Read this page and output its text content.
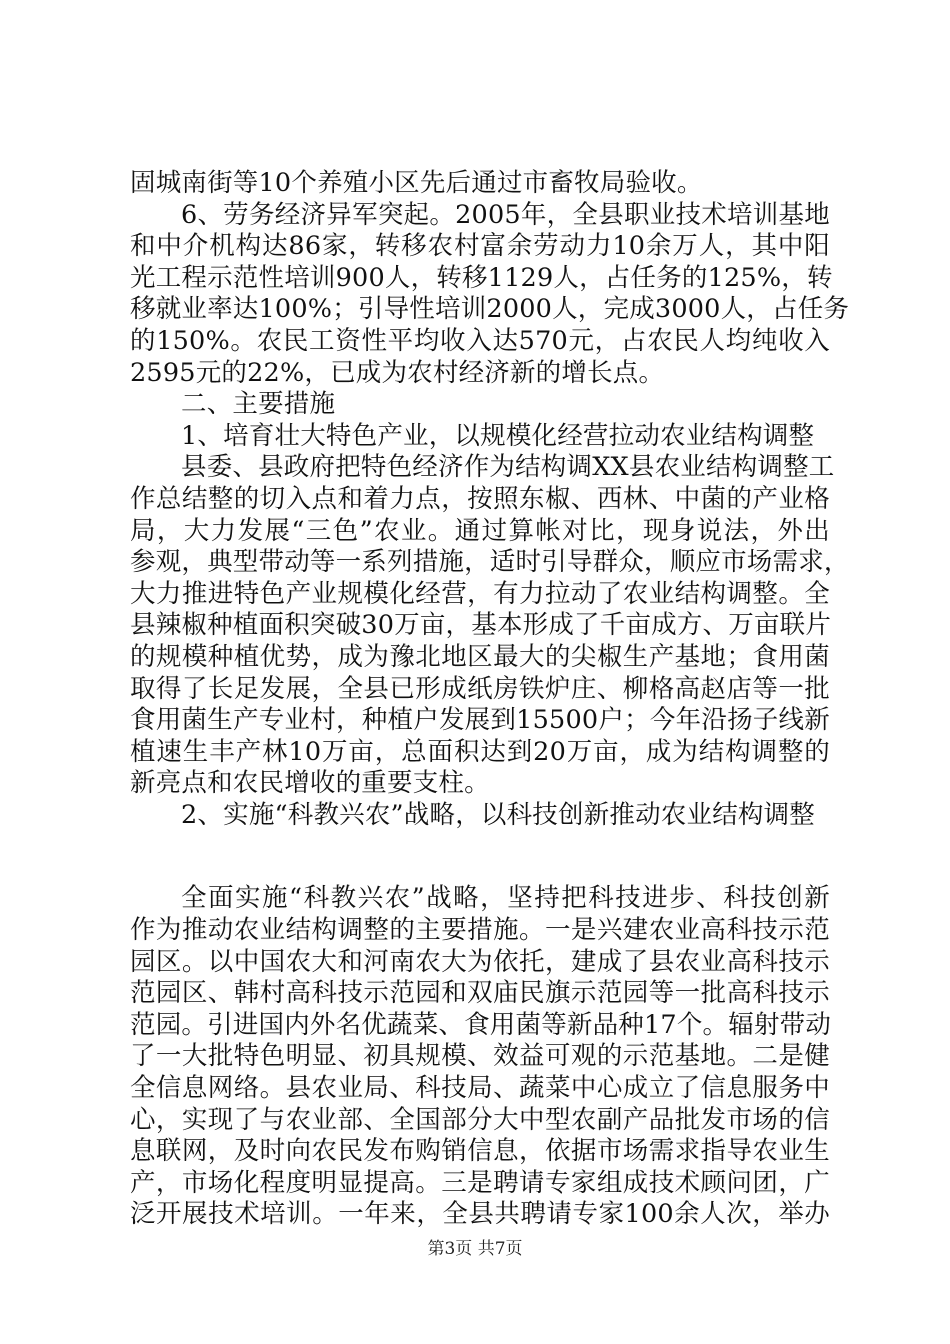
固城南街等10个养殖小区先后通过市畜牧局验收。
6、劳务经济异军突起。2005年，全县职业技术培训基地
和中介机构达86家，转移农村富余劳动力10余万人，其中阳
光工程示范性培训900人，转移1129人，占任务的125%，转
移就业率达100%；引导性培训2000人，完成3000人，占任务
的150%。农民工资性平均收入达570元，占农民人均纯收入
2595元的22%，已成为农村经济新的增长点。
二、主要措施
1、培育壮大特色产业，以规模化经营拉动农业结构调整
县委、县政府把特色经济作为结构调XX县农业结构调整工
作总结整的切入点和着力点，按照东椒、西林、中菌的产业格
局，大力发展“三色”农业。通过算帐对比，现身说法，外出
参观，典型带动等一系列措施，适时引导群众，顺应市场需求，
大力推进特色产业规模化经营，有力拉动了农业结构调整。全
县辣椒种植面积突破30万亩，基本形成了千亩成方、万亩联片
的规模种植优势，成为豫北地区最大的尖椒生产基地；食用菌
取得了长足发展，全县已形成纸房铁炉庄、柳格高赵店等一批
食用菌生产专业村，种植户发展到15500户；今年沿扬子线新
植速生丰产林10万亩，总面积达到20万亩，成为结构调整的
新亮点和农民增收的重要支柱。
2、实施“科教兴农”战略，以科技创新推动农业结构调整
全面实施“科教兴农”战略，坚持把科技进步、科技创新
作为推动农业结构调整的主要措施。一是兴建农业高科技示范
园区。以中国农大和河南农大为依托，建成了县农业高科技示
范园区、韩村高科技示范园和双庙民旗示范园等一批高科技示
范园。引进国内外名优蔬菜、食用菌等新品种17个。辐射带动
了一大批特色明显、初具规模、效益可观的示范基地。二是健
全信息网络。县农业局、科技局、蔬菜中心成立了信息服务中
心，实现了与农业部、全国部分大中型农副产品批发市场的信
息联网，及时向农民发布购销信息，依据市场需求指导农业生
产，市场化程度明显提高。三是聘请专家组成技术顾问团，广
泛开展技术培训。一年来，全县共聘请专家100余人次，举办
第3页 共7页
